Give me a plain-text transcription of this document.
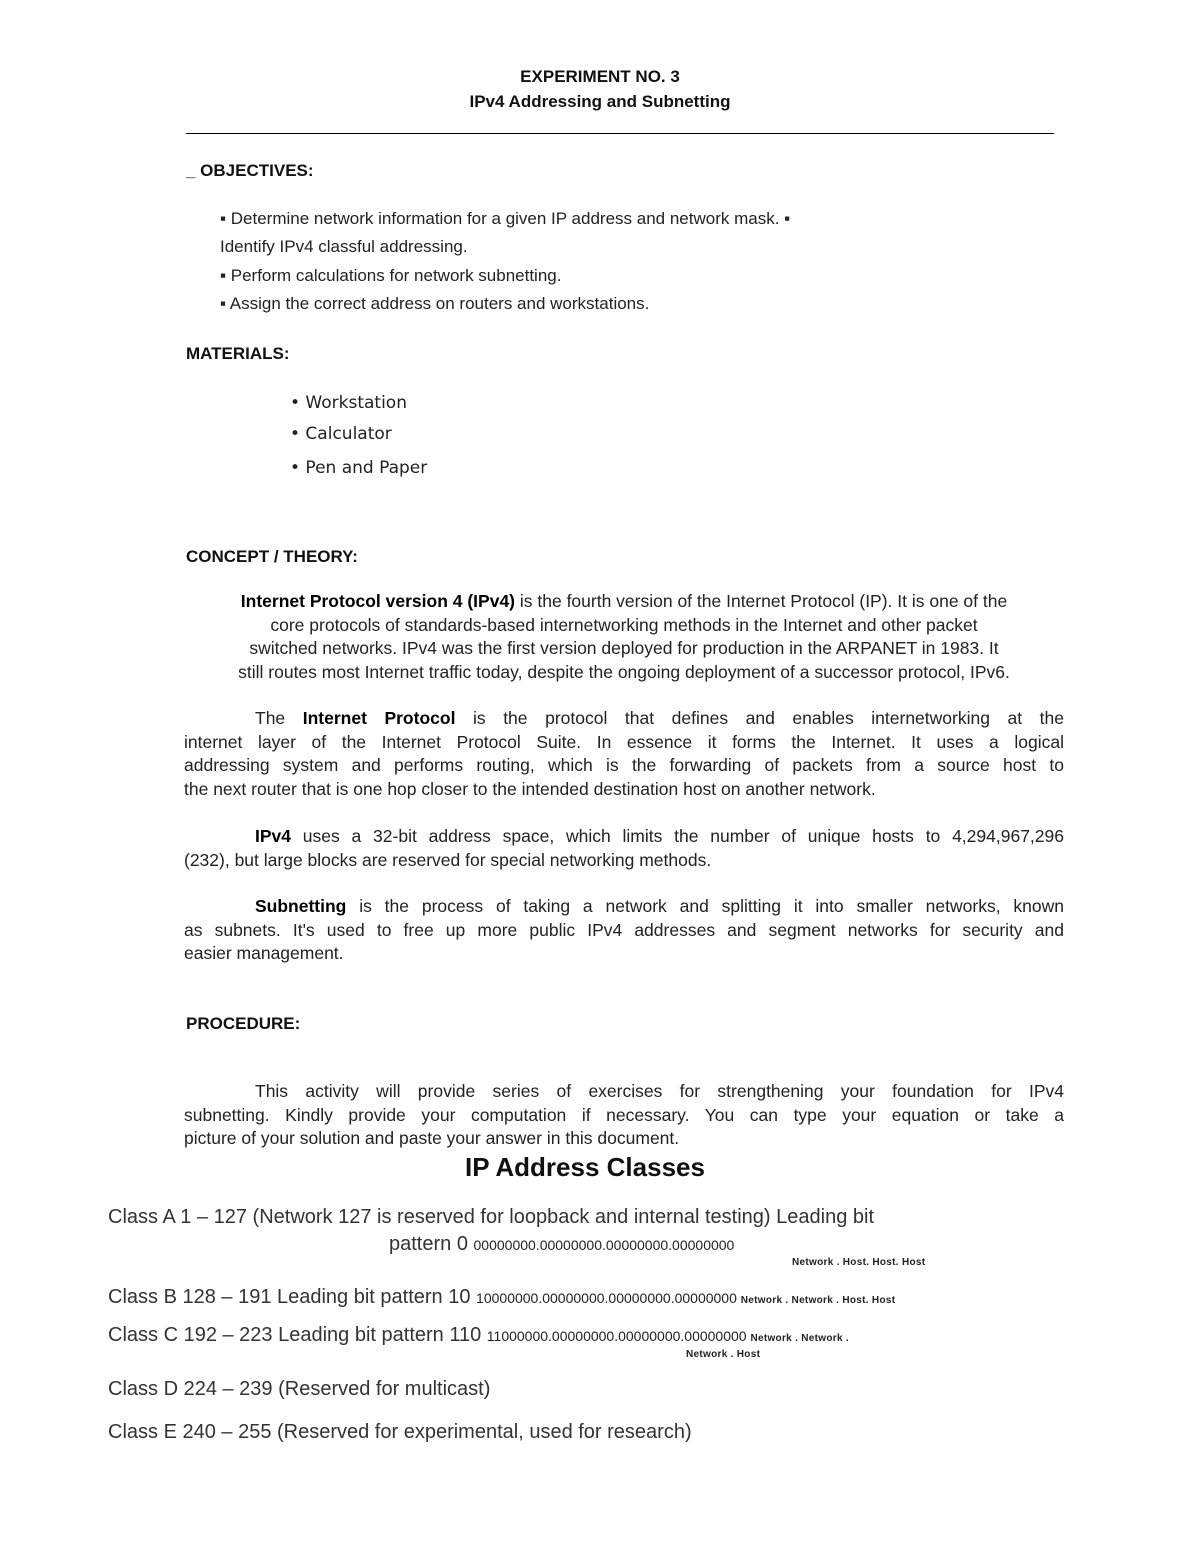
EXPERIMENT NO. 3
IPv4 Addressing and Subnetting
_ OBJECTIVES:
▪ Determine network information for a given IP address and network mask. ▪
Identify IPv4 classful addressing.
▪ Perform calculations for network subnetting.
▪ Assign the correct address on routers and workstations.
MATERIALS:
• Workstation
• Calculator
• Pen and Paper
CONCEPT / THEORY:
Internet Protocol version 4 (IPv4) is the fourth version of the Internet Protocol (IP). It is one of the
core protocols of standards-based internetworking methods in the Internet and other packet
switched networks. IPv4 was the first version deployed for production in the ARPANET in 1983. It
still routes most Internet traffic today, despite the ongoing deployment of a successor protocol, IPv6.
The Internet Protocol is the protocol that defines and enables internetworking at the
internet layer of the Internet Protocol Suite. In essence it forms the Internet. It uses a logical
addressing system and performs routing, which is the forwarding of packets from a source host to
the next router that is one hop closer to the intended destination host on another network.
IPv4 uses a 32-bit address space, which limits the number of unique hosts to 4,294,967,296
(232), but large blocks are reserved for special networking methods.
Subnetting is the process of taking a network and splitting it into smaller networks, known
as subnets. It's used to free up more public IPv4 addresses and segment networks for security and
easier management.
PROCEDURE:
This activity will provide series of exercises for strengthening your foundation for IPv4
subnetting. Kindly provide your computation if necessary. You can type your equation or take a
picture of your solution and paste your answer in this document.
IP Address Classes
Class A 1 – 127 (Network 127 is reserved for loopback and internal testing) Leading bit
pattern 0 00000000.00000000.00000000.00000000
Network . Host. Host. Host
Class B 128 – 191 Leading bit pattern 10 10000000.00000000.00000000.00000000 Network . Network . Host. Host
Class C 192 – 223 Leading bit pattern 110 11000000.00000000.00000000.00000000 Network . Network .
Network . Host
Class D 224 – 239 (Reserved for multicast)
Class E 240 – 255 (Reserved for experimental, used for research)
